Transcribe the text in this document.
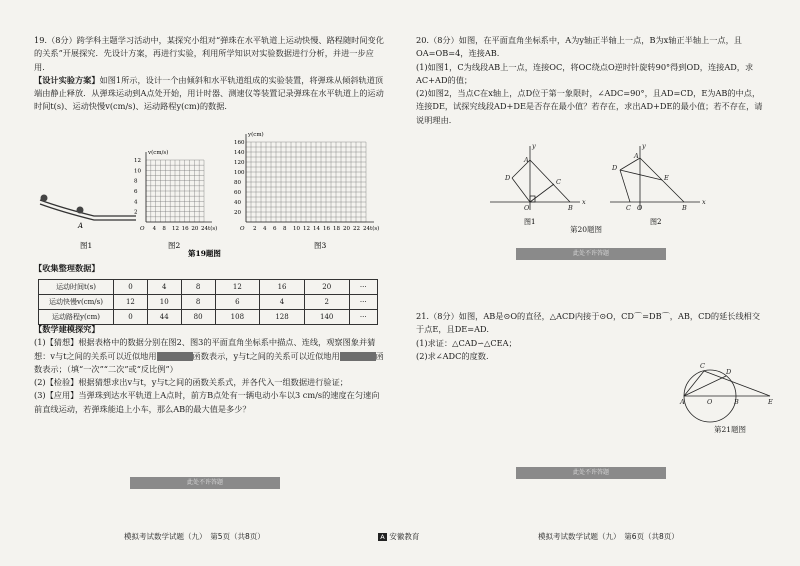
19.（8分）跨学科主题学习活动中，某探究小组对“弹珠在水平轨道上运动快慢、路程随时间变化的关系”开展探究．先设计方案，再进行实验，利用所学知识对实验数据进行分析，并进一步应用．

【设计实验方案】如图1所示，设计一个由倾斜和水平轨道组成的实验装置，将弹珠从倾斜轨道顶端由静止释放．从弹珠运动到A点处开始，用计时器、测速仪等装置记录弹珠在水平轨道上的运动时间t(s)、运动快慢v(cm/s)、运动路程y(cm)的数据．

A
图1
4 8 12 16 20 24
2
4
6
8
10
12
O	t(s)
v(cm/s)
2 4 6 8 10 12 14 16 18 20 22 24
20
40
60
80
100
120
140
160
O	t(s)
y(cm)
图2	图3
第19题图

【收集整理数据】

运动时间t(s)	0	4	8	12	16	20	···
运动快慢v(cm/s)	12	10	8	6	4	2	···
运动路程y(cm)	0	44	80	108	128	140	···

【数学建模探究】

(1)【猜想】根据表格中的数据分别在图2、图3的平面直角坐标系中描点、连线，观察图象并猜想：v与t之间的关系可以近似地用	函数表示，y与t之间的关系可以近似地用	函数表示；（填“一次”“二次”或“反比例”）

(2)【检验】根据猜想求出v与t，y与t之间的函数关系式，并各代入一组数据进行验证；

(3)【应用】当弹珠到达水平轨道上A点时，前方B点处有一辆电动小车以3 cm/s的速度在匀速向前直线运动，若弹珠能追上小车，那么AB的最大值是多少？

此处不许答题

20.（8分）如图，在平面直角坐标系中，A为y轴正半轴上一点，B为x轴正半轴上一点，且OA=OB=4，连接AB.

(1)如图1，C为线段AB上一点，连接OC，将OC绕点O逆时针旋转90°得到OD，连接AD，求AC+AD的值；

(2)如图2，当点C在x轴上，点D位于第一象限时，∠ADC=90°，且AD=CD，E为AB的中点，连接DE，试探究线段AD+DE是否存在最小值？若存在，求出AD+DE的最小值；若不存在，请说明理由．

A
C
D
O	B
x
y
图1
A
D
E
C O	B
x
y
图2
第20题图
此处不许答题

21.（8分）如图，AB是⊙O的直径，△ACD内接于⊙O，CD⌒=DB⌒，AB，CD的延长线相交于点E，且DE=AD.

(1)求证：△CAD∽△CEA；

(2)求∠ADC的度数.

C
D
A	O	B	E
第21题图
此处不许答题
模拟考试数学试题（九）　第5页（共8页）	A 安徽教育	模拟考试数学试题（九）　第6页（共8页）
